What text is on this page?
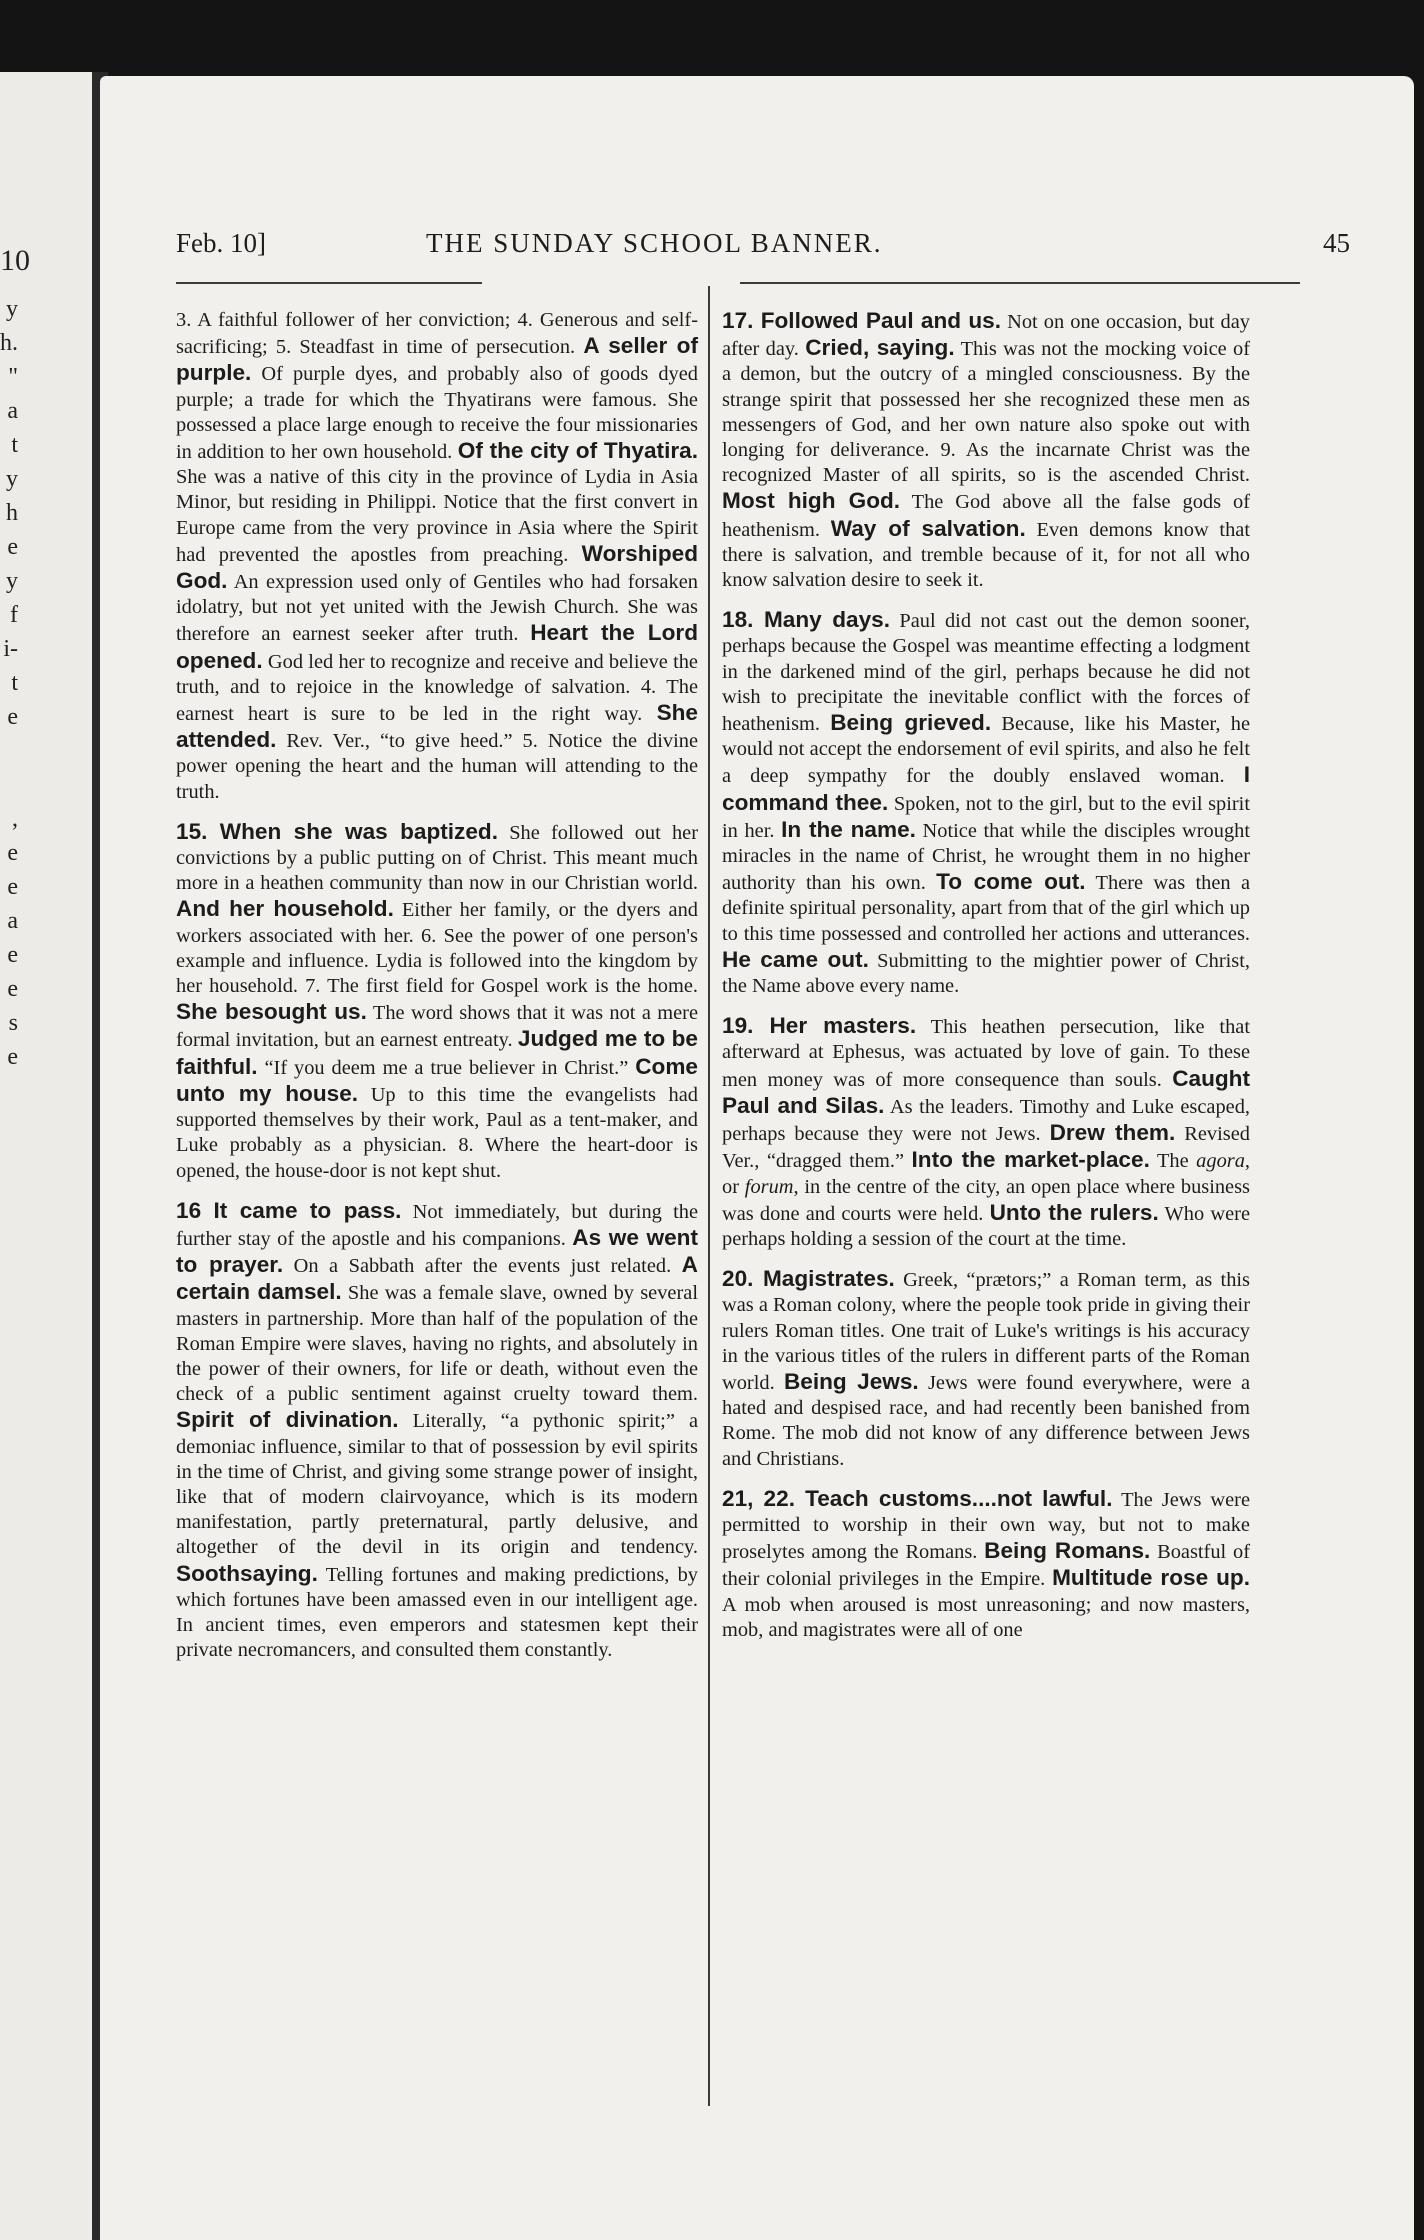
10
y
h.
"
a
t
y
h
e
y
f
i-
t
e
,
e
e
a
e
e
s
e
Feb. 10]	THE SUNDAY SCHOOL BANNER.	45

3. A faithful follower of her conviction; 4. Generous and self-sacrificing; 5. Steadfast in time of persecution. A seller of purple. Of purple dyes, and probably also of goods dyed purple; a trade for which the Thyatirans were famous. She possessed a place large enough to receive the four missionaries in addition to her own household. Of the city of Thyatira. She was a native of this city in the province of Lydia in Asia Minor, but residing in Philippi. Notice that the first convert in Europe came from the very province in Asia where the Spirit had prevented the apostles from preaching. Worshiped God. An expression used only of Gentiles who had forsaken idolatry, but not yet united with the Jewish Church. She was therefore an earnest seeker after truth. Heart the Lord opened. God led her to recognize and receive and believe the truth, and to rejoice in the knowledge of salvation. 4. The earnest heart is sure to be led in the right way. She attended. Rev. Ver., “to give heed.” 5. Notice the divine power opening the heart and the human will attending to the truth.

15. When she was baptized. She followed out her convictions by a public putting on of Christ. This meant much more in a heathen community than now in our Christian world. And her household. Either her family, or the dyers and workers associated with her. 6. See the power of one person's example and influence. Lydia is followed into the kingdom by her household. 7. The first field for Gospel work is the home. She besought us. The word shows that it was not a mere formal invitation, but an earnest entreaty. Judged me to be faithful. “If you deem me a true believer in Christ.” Come unto my house. Up to this time the evangelists had supported themselves by their work, Paul as a tent-maker, and Luke probably as a physician. 8. Where the heart-door is opened, the house-door is not kept shut.

16 It came to pass. Not immediately, but during the further stay of the apostle and his companions. As we went to prayer. On a Sabbath after the events just related. A certain damsel. She was a female slave, owned by several masters in partnership. More than half of the population of the Roman Empire were slaves, having no rights, and absolutely in the power of their owners, for life or death, without even the check of a public sentiment against cruelty toward them. Spirit of divination. Literally, “a pythonic spirit;” a demoniac influence, similar to that of possession by evil spirits in the time of Christ, and giving some strange power of insight, like that of modern clairvoyance, which is its modern manifestation, partly preternatural, partly delusive, and altogether of the devil in its origin and tendency. Soothsaying. Telling fortunes and making predictions, by which fortunes have been amassed even in our intelligent age. In ancient times, even emperors and statesmen kept their private necromancers, and consulted them constantly.

17. Followed Paul and us. Not on one occasion, but day after day. Cried, saying. This was not the mocking voice of a demon, but the outcry of a mingled consciousness. By the strange spirit that possessed her she recognized these men as messengers of God, and her own nature also spoke out with longing for deliverance. 9. As the incarnate Christ was the recognized Master of all spirits, so is the ascended Christ. Most high God. The God above all the false gods of heathenism. Way of salvation. Even demons know that there is salvation, and tremble because of it, for not all who know salvation desire to seek it.

18. Many days. Paul did not cast out the demon sooner, perhaps because the Gospel was meantime effecting a lodgment in the darkened mind of the girl, perhaps because he did not wish to precipitate the inevitable conflict with the forces of heathenism. Being grieved. Because, like his Master, he would not accept the endorsement of evil spirits, and also he felt a deep sympathy for the doubly enslaved woman. I command thee. Spoken, not to the girl, but to the evil spirit in her. In the name. Notice that while the disciples wrought miracles in the name of Christ, he wrought them in no higher authority than his own. To come out. There was then a definite spiritual personality, apart from that of the girl which up to this time possessed and controlled her actions and utterances. He came out. Submitting to the mightier power of Christ, the Name above every name.

19. Her masters. This heathen persecution, like that afterward at Ephesus, was actuated by love of gain. To these men money was of more consequence than souls. Caught Paul and Silas. As the leaders. Timothy and Luke escaped, perhaps because they were not Jews. Drew them. Revised Ver., “dragged them.” Into the market-place. The agora, or forum, in the centre of the city, an open place where business was done and courts were held. Unto the rulers. Who were perhaps holding a session of the court at the time.

20. Magistrates. Greek, “prætors;” a Roman term, as this was a Roman colony, where the people took pride in giving their rulers Roman titles. One trait of Luke's writings is his accuracy in the various titles of the rulers in different parts of the Roman world. Being Jews. Jews were found everywhere, were a hated and despised race, and had recently been banished from Rome. The mob did not know of any difference between Jews and Christians.

21, 22. Teach customs....not lawful. The Jews were permitted to worship in their own way, but not to make proselytes among the Romans. Being Romans. Boastful of their colonial privileges in the Empire. Multitude rose up. A mob when aroused is most unreasoning; and now masters, mob, and magistrates were all of one
